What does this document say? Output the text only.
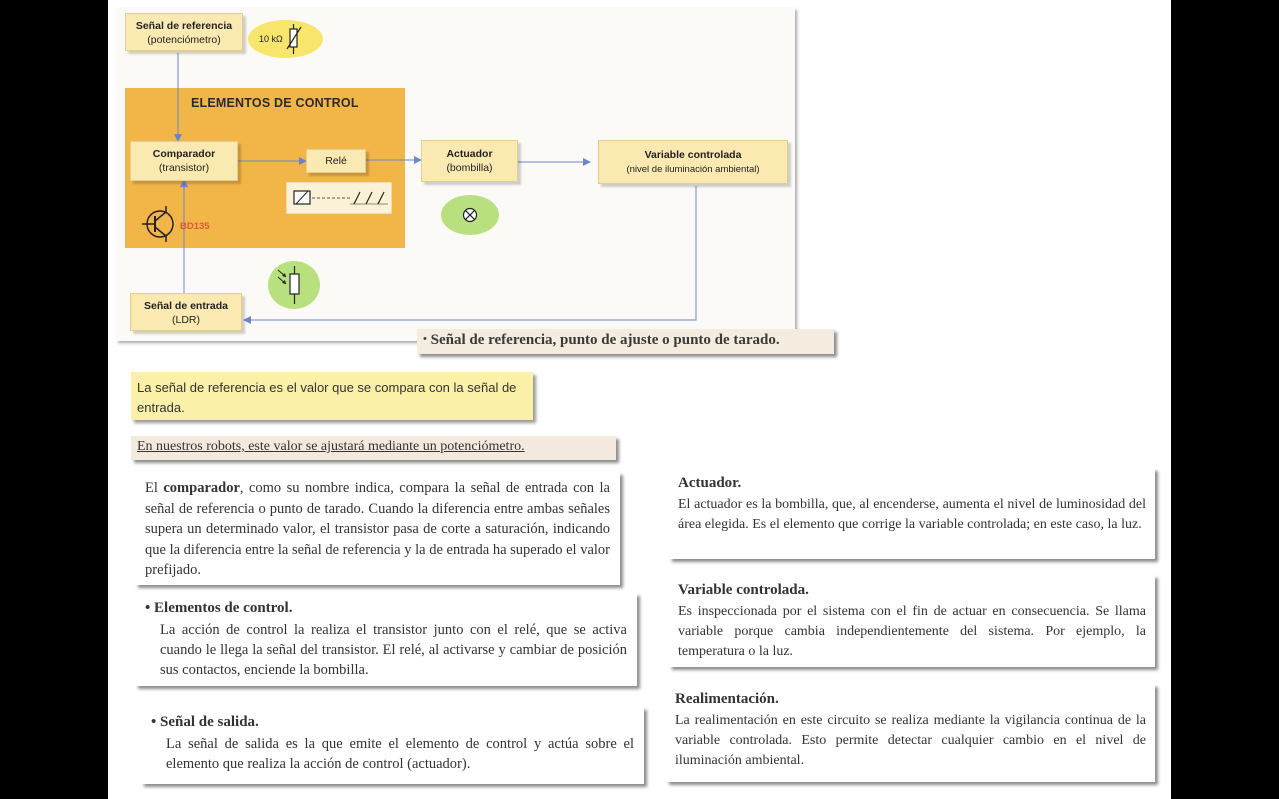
ELEMENTOS DE CONTROL
10 kΩ
Señal de referencia
(potenciómetro)
Comparador
(transistor)
Relé
BD135
Actuador
(bombilla)
Variable controlada
(nivel de iluminación ambiental)
Señal de entrada
(LDR)
• Señal de referencia, punto de ajuste o punto de tarado.
La señal de referencia es el valor que se compara con la señal de entrada.
En nuestros robots, este valor se ajustará mediante un potenciómetro.

El comparador, como su nombre indica, compara la señal de entrada con la señal de referencia o punto de tarado. Cuando la diferencia entre ambas señales supera un determinado valor, el transistor pasa de corte a saturación, indicando que la diferencia entre la señal de referencia y la de entrada ha superado el valor prefijado.

• Elementos de control.

La acción de control la realiza el transistor junto con el relé, que se activa cuando le llega la señal del transistor. El relé, al activarse y cambiar de posición sus contactos, enciende la bombilla.

• Señal de salida.

La señal de salida es la que emite el elemento de control y actúa sobre el elemento que realiza la acción de control (actuador).

Actuador.

El actuador es la bombilla, que, al encenderse, aumenta el nivel de luminosidad del área elegida. Es el elemento que corrige la variable controlada; en este caso, la luz.

Variable controlada.

Es inspeccionada por el sistema con el fin de actuar en consecuencia. Se llama variable porque cambia independientemente del sistema. Por ejemplo, la temperatura o la luz.

Realimentación.

La realimentación en este circuito se realiza mediante la vigilancia continua de la variable controlada. Esto permite detectar cualquier cambio en el nivel de iluminación ambiental.
